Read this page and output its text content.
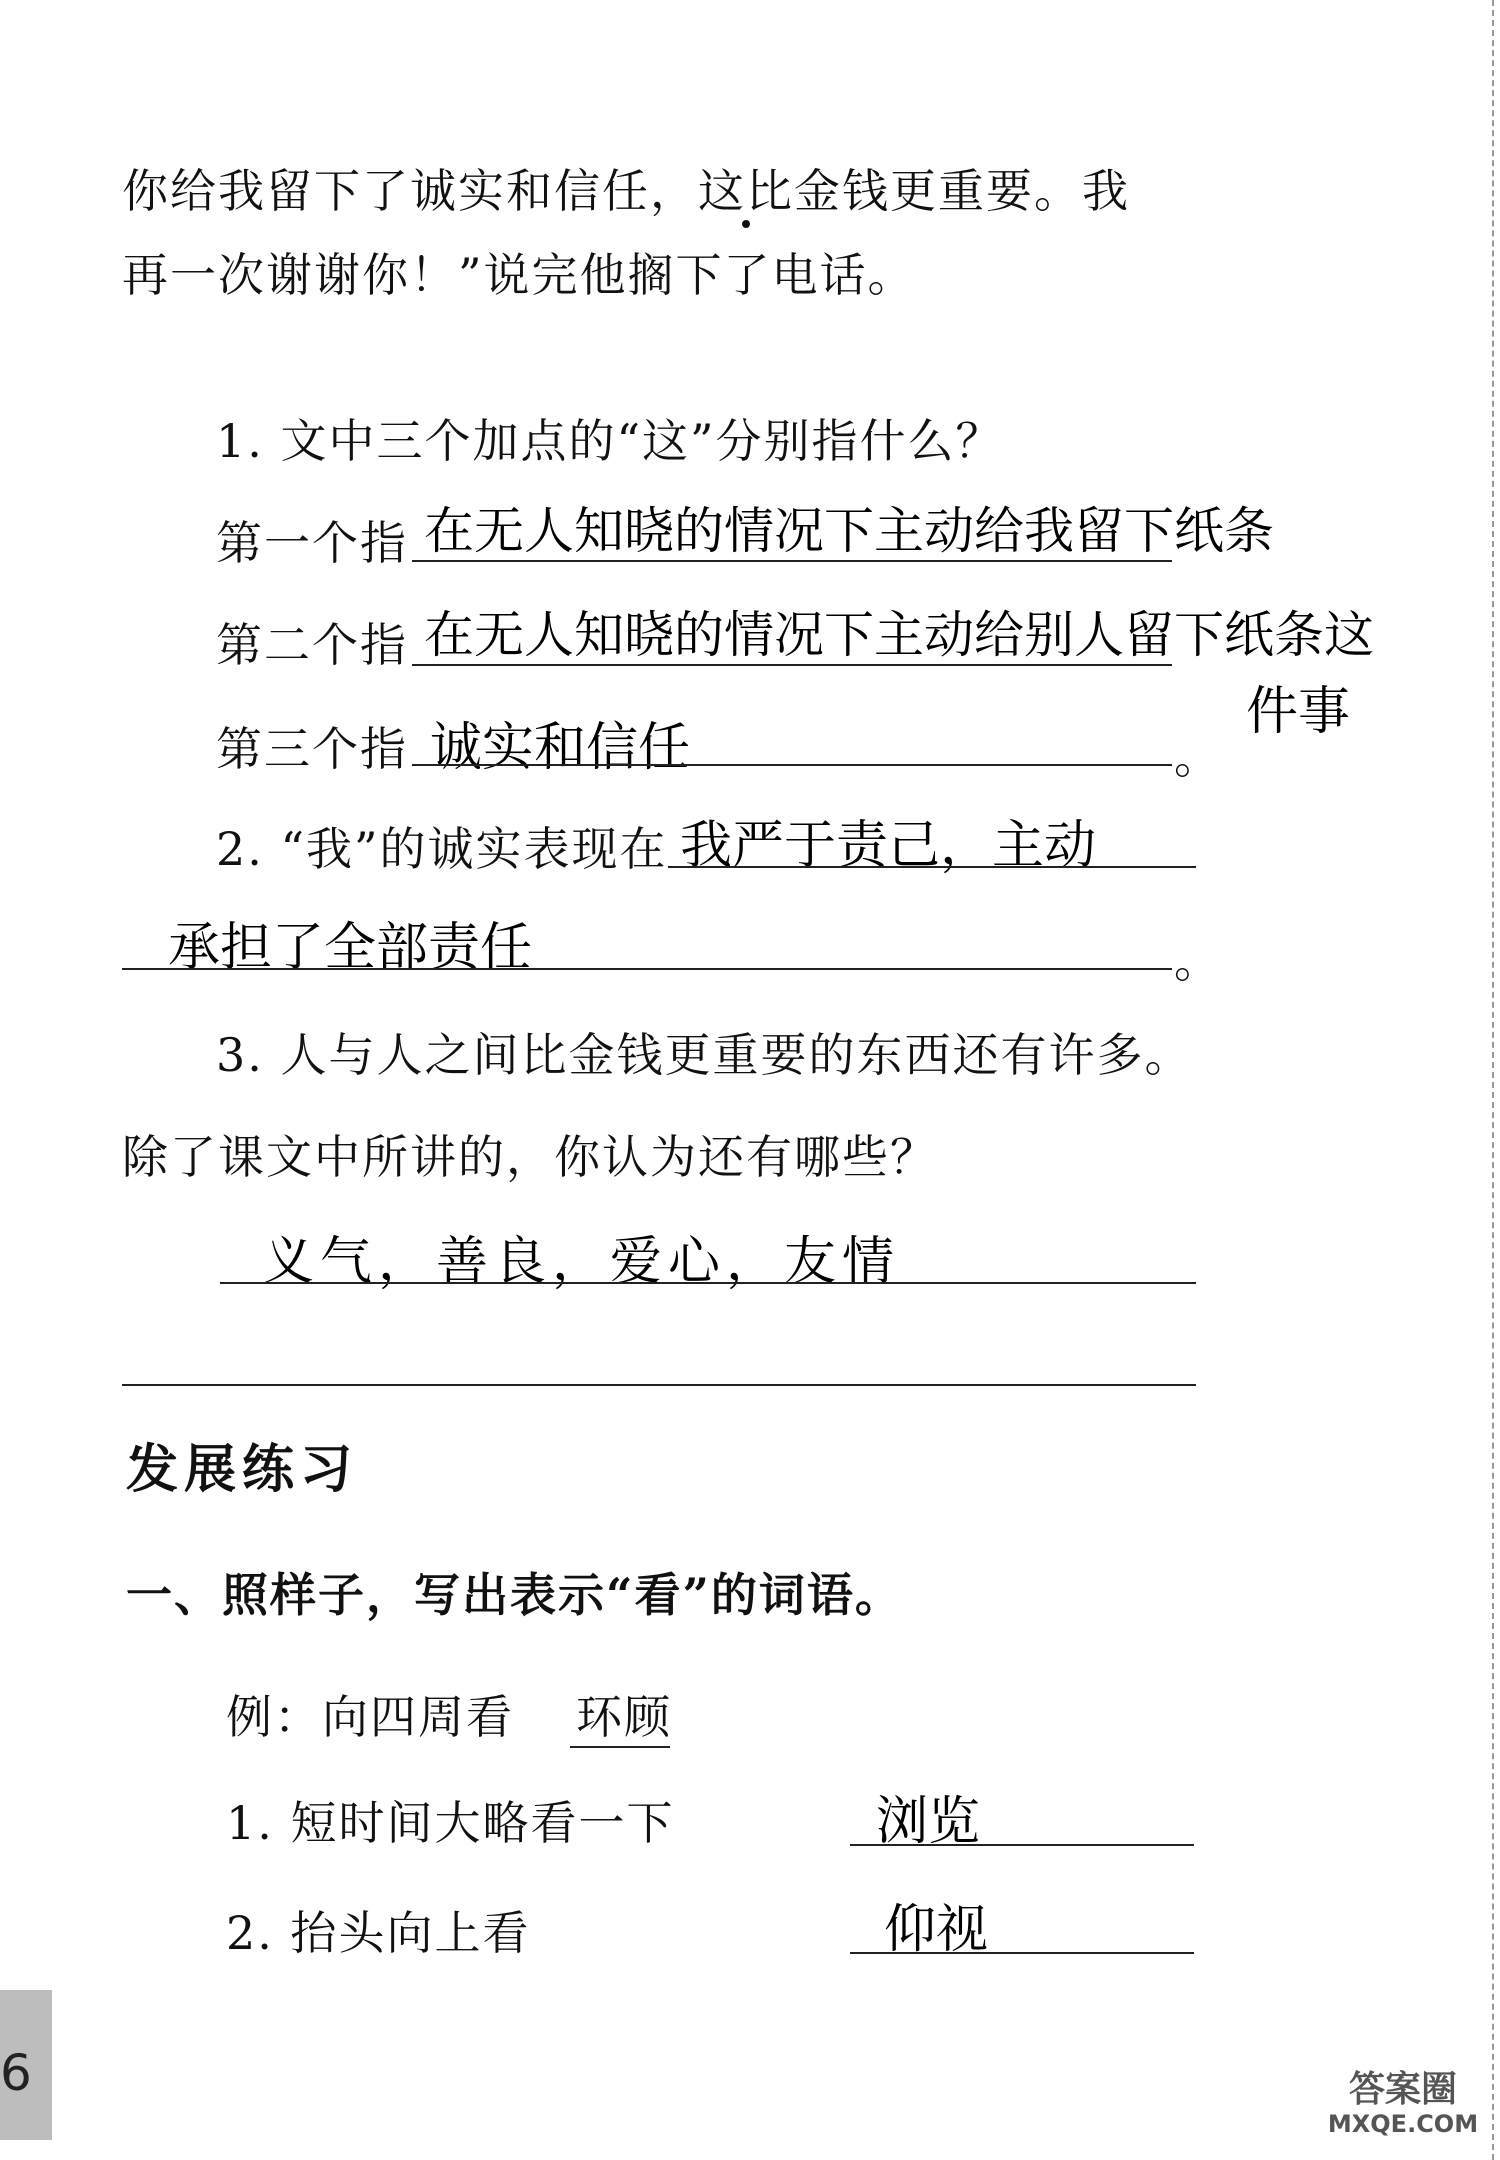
你给我留下了诚实和信任，这比金钱更重要。我
再一次谢谢你！”说完他搁下了电话。
1. 文中三个加点的“这”分别指什么？
第一个指 在无人知晓的情况下主动给我留下纸条
第二个指 在无人知晓的情况下主动给别人留下纸条这
件事
第三个指 诚实和信任	。
2. “我”的诚实表现在 我严于责己，主动
承担了全部责任	。
3. 人与人之间比金钱更重要的东西还有许多。
除了课文中所讲的，你认为还有哪些？
义气，善良，爱心，友情
发展练习
一、照样子，写出表示“看”的词语。
例：向四周看 环顾
1. 短时间大略看一下	浏览
2. 抬头向上看	仰视
6	答案圈
MXQE.COM
